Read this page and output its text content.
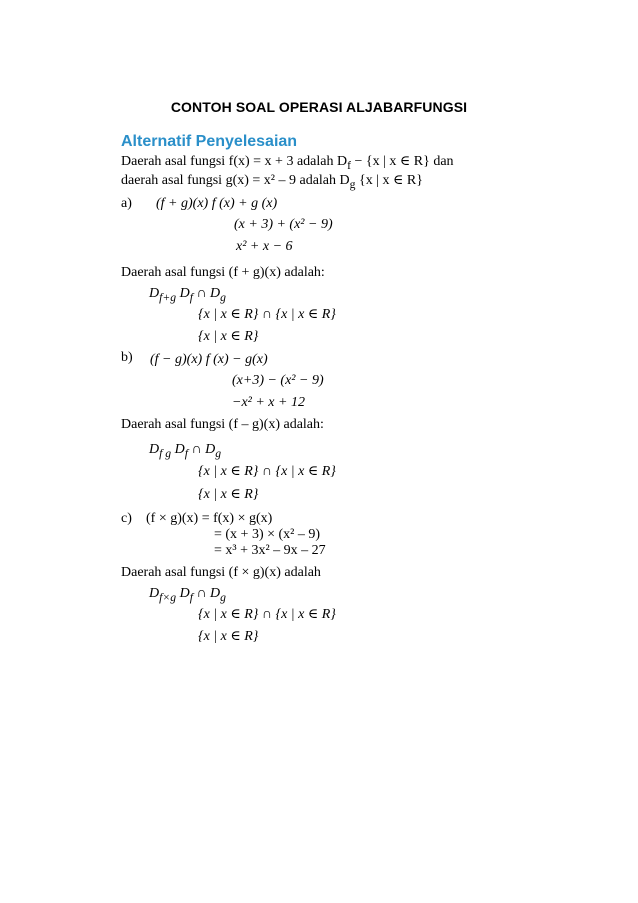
CONTOH SOAL OPERASI ALJABARFUNGSI
Alternatif Penyelesaian
Daerah asal fungsi f(x) = x + 3 adalah $D_f - \{x$ | x ∈ R} dan
daerah asal fungsi g(x) = x² – 9 adalah $D_g$ {x | x ∈ R}
a) (f + g)(x) f (x) + g (x)
(x + 3) + (x² − 9)
x² + x − 6
Daerah asal fungsi (f + g)(x) adalah:
$D_{f+g}$ $D_f$ ∩ $D_g$
{x | x ∈ R} ∩ {x | x ∈ R}
{x | x ∈ R}
b) (f − g)(x) f (x) − g(x)
(x+3) − (x² − 9)
−x² + x + 12
Daerah asal fungsi (f – g)(x) adalah:
$D_{f g}$ $D_f$ ∩ $D_g$
{x | x ∈ R} ∩ {x | x ∈ R}
{x | x ∈ R}
c) (f × g)(x) = f(x) × g(x)
= (x + 3) × (x² – 9)
= x³ + 3x² – 9x – 27
Daerah asal fungsi (f × g)(x) adalah
$D_{f\times g}$ $D_f$ ∩ $D_g$
{x | x ∈ R} ∩ {x | x ∈ R}
{x | x ∈ R}
